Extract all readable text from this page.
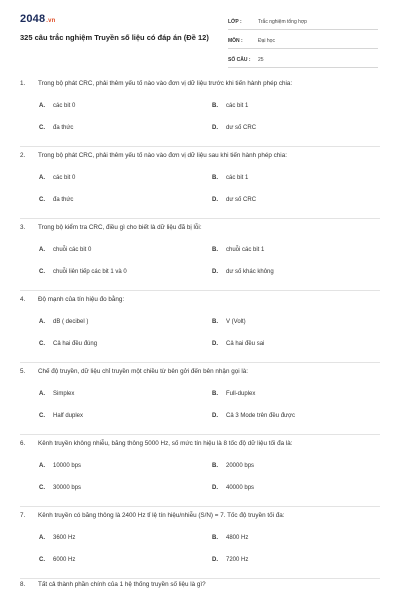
2048.vn
325 câu trắc nghiệm Truyền số liệu có đáp án (Đề 12)
LỚP :	Trắc nghiệm tổng hợp
MÔN :	Đại học
SỐ CÂU :	25
1. Trong bộ phát CRC, phải thêm yếu tố nào vào đơn vị dữ liệu trước khi tiến hành phép chia:
A. các bit 0	B. các bit 1
C. đa thức	D. dư số CRC
2. Trong bộ phát CRC, phải thêm yếu tố nào vào đơn vị dữ liệu sau khi tiến hành phép chia:
A. các bit 0	B. các bit 1
C. đa thức	D. dư số CRC
3. Trong bộ kiểm tra CRC, điều gì cho biết là dữ liệu đã bị lỗi:
A. chuỗi các bit 0	B. chuỗi các bit 1
C. chuỗi liên tiếp các bit 1 và 0	D. dư số khác không
4. Độ mạnh của tín hiệu đo bằng:
A. dB ( decibel )	B. V (Volt)
C. Cả hai đều đúng	D. Cả hai đều sai
5. Chế độ truyền, dữ liệu chỉ truyền một chiều từ bên gởi đến bên nhận gọi là:
A. Simplex	B. Full-duplex
C. Half duplex	D. Cả 3 Mode trên đều được
6. Kênh truyền không nhiễu, băng thông 5000 Hz, số mức tín hiệu là 8 tốc độ dữ liệu tối đa là:
A. 10000 bps	B. 20000 bps
C. 30000 bps	D. 40000 bps
7. Kênh truyền có băng thông là 2400 Hz tỉ lệ tín hiệu/nhiễu (S/N) = 7. Tốc độ truyền tối đa:
A. 3600 Hz	B. 4800 Hz
C. 6000 Hz	D. 7200 Hz
8. Tất cả thành phần chính của 1 hệ thống truyền số liệu là gì?
